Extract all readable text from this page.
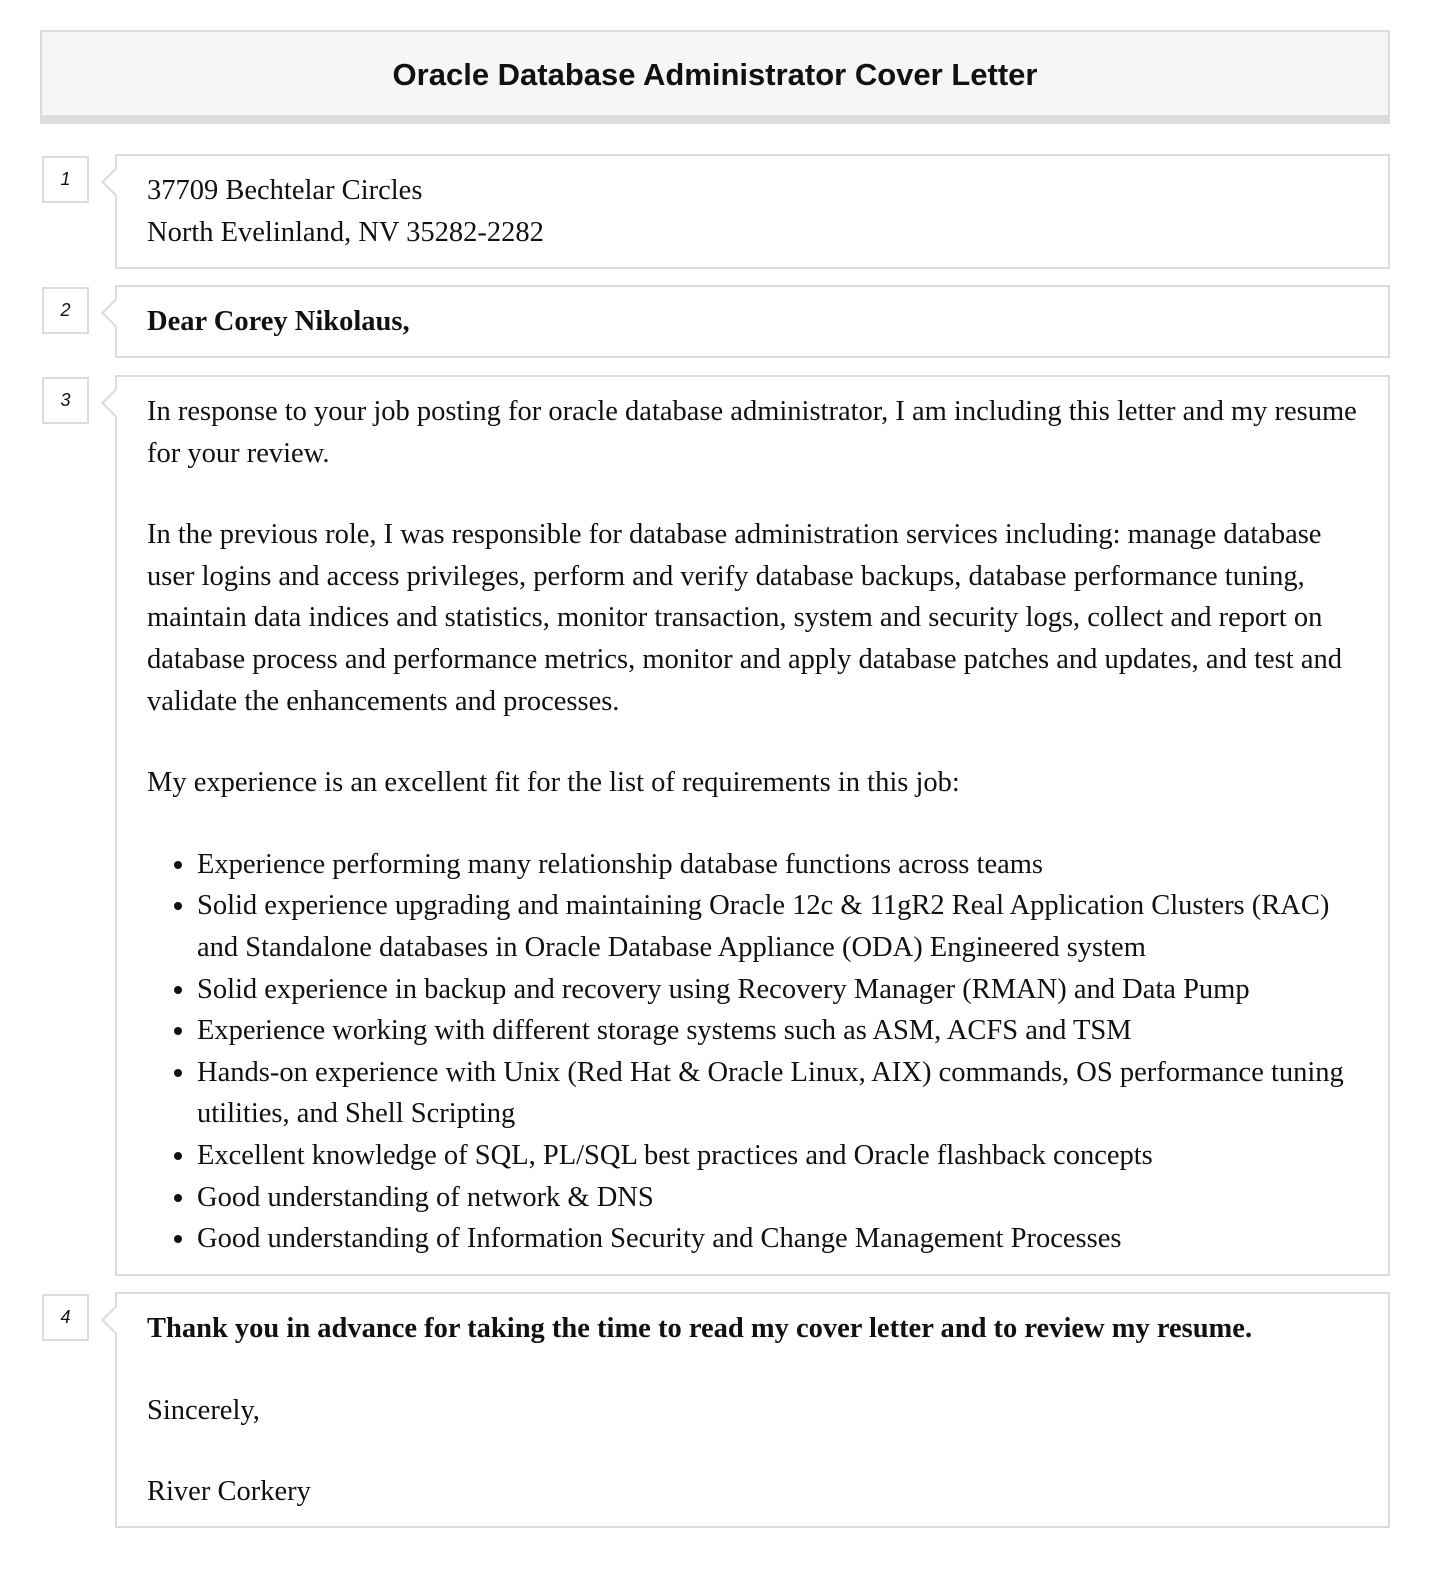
Oracle Database Administrator Cover Letter
1	37709 Bechtelar Circles

North Evelinland, NV 35282-2282

2	Dear Corey Nikolaus,

3	In response to your job posting for oracle database administrator, I am including this letter and my resume for your review.

In the previous role, I was responsible for database administration services including: manage database user logins and access privileges, perform and verify database backups, database performance tuning, maintain data indices and statistics, monitor transaction, system and security logs, collect and report on database process and performance metrics, monitor and apply database patches and updates, and test and validate the enhancements and processes.

My experience is an excellent fit for the list of requirements in this job:

• Experience performing many relationship database functions across teams
• Solid experience upgrading and maintaining Oracle 12c & 11gR2 Real Application Clusters (RAC) and Standalone databases in Oracle Database Appliance (ODA) Engineered system
• Solid experience in backup and recovery using Recovery Manager (RMAN) and Data Pump
• Experience working with different storage systems such as ASM, ACFS and TSM
• Hands-on experience with Unix (Red Hat & Oracle Linux, AIX) commands, OS performance tuning utilities, and Shell Scripting
• Excellent knowledge of SQL, PL/SQL best practices and Oracle flashback concepts
• Good understanding of network & DNS
• Good understanding of Information Security and Change Management Processes
4	Thank you in advance for taking the time to read my cover letter and to review my resume.

Sincerely,

River Corkery
